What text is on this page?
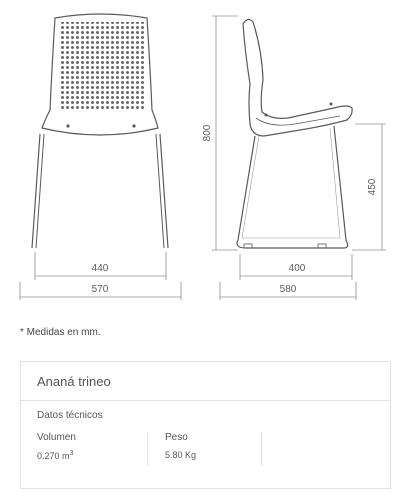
440
570
800
450
400
580
* Medidas en mm.
Ananá trineo
Datos técnicos
Volumen
0.270 $m^3$
Peso
5.80 Kg
